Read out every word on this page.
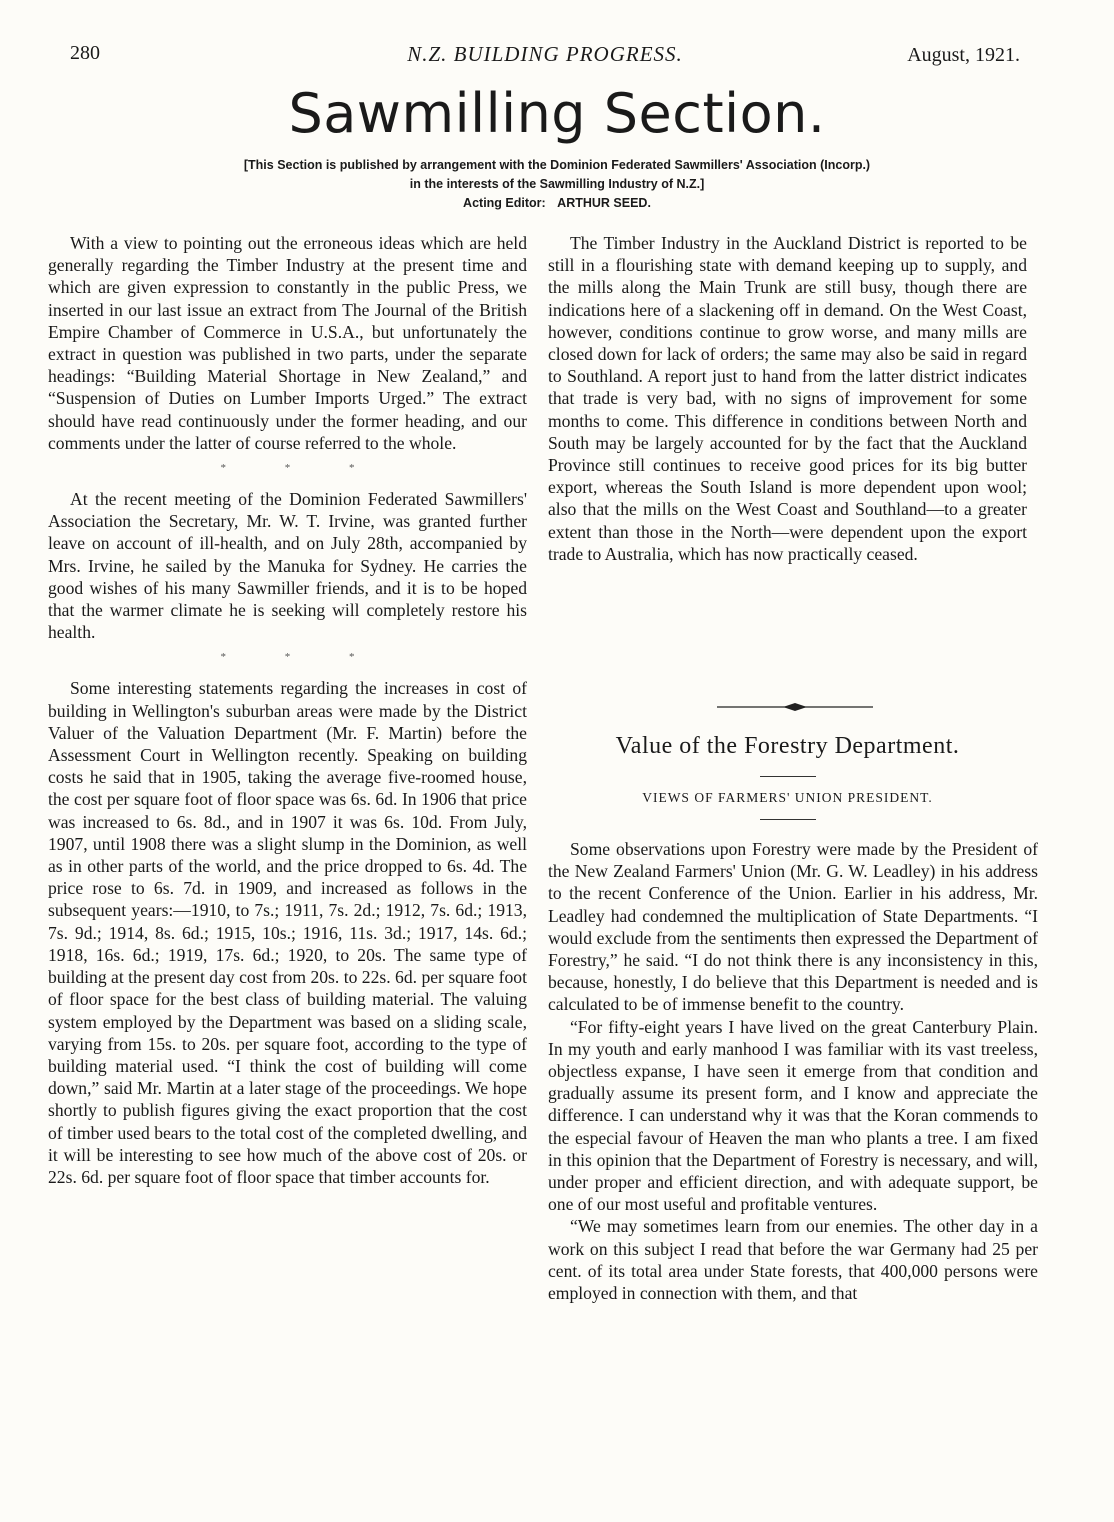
280	N.Z. BUILDING PROGRESS.	August, 1921.
Sawmilling Section.
[This Section is published by arrangement with the Dominion Federated Sawmillers' Association (Incorp.)
in the interests of the Sawmilling Industry of N.Z.]
Acting Editor: ARTHUR SEED.

With a view to pointing out the erroneous ideas which are held generally regarding the Timber Industry at the present time and which are given expression to constantly in the public Press, we inserted in our last issue an extract from The Journal of the British Empire Chamber of Commerce in U.S.A., but unfortunately the extract in question was published in two parts, under the separate headings: “Building Material Shortage in New Zealand,” and “Suspension of Duties on Lumber Imports Urged.” The extract should have read continuously under the former heading, and our comments under the latter of course referred to the whole.

* * *

At the recent meeting of the Dominion Federated Sawmillers' Association the Secretary, Mr. W. T. Irvine, was granted further leave on account of ill-health, and on July 28th, accompanied by Mrs. Irvine, he sailed by the Manuka for Sydney. He carries the good wishes of his many Sawmiller friends, and it is to be hoped that the warmer climate he is seeking will completely restore his health.

* * *

Some interesting statements regarding the increases in cost of building in Wellington's suburban areas were made by the District Valuer of the Valuation Department (Mr. F. Martin) before the Assessment Court in Wellington recently. Speaking on building costs he said that in 1905, taking the average five-roomed house, the cost per square foot of floor space was 6s. 6d. In 1906 that price was increased to 6s. 8d., and in 1907 it was 6s. 10d. From July, 1907, until 1908 there was a slight slump in the Dominion, as well as in other parts of the world, and the price dropped to 6s. 4d. The price rose to 6s. 7d. in 1909, and increased as follows in the subsequent years:—1910, to 7s.; 1911, 7s. 2d.; 1912, 7s. 6d.; 1913, 7s. 9d.; 1914, 8s. 6d.; 1915, 10s.; 1916, 11s. 3d.; 1917, 14s. 6d.; 1918, 16s. 6d.; 1919, 17s. 6d.; 1920, to 20s. The same type of building at the present day cost from 20s. to 22s. 6d. per square foot of floor space for the best class of building material. The valuing system employed by the Department was based on a sliding scale, varying from 15s. to 20s. per square foot, according to the type of building material used. “I think the cost of building will come down,” said Mr. Martin at a later stage of the proceedings. We hope shortly to publish figures giving the exact proportion that the cost of timber used bears to the total cost of the completed dwelling, and it will be interesting to see how much of the above cost of 20s. or 22s. 6d. per square foot of floor space that timber accounts for.

The Timber Industry in the Auckland District is reported to be still in a flourishing state with demand keeping up to supply, and the mills along the Main Trunk are still busy, though there are indications here of a slackening off in demand. On the West Coast, however, conditions continue to grow worse, and many mills are closed down for lack of orders; the same may also be said in regard to Southland. A report just to hand from the latter district indicates that trade is very bad, with no signs of improvement for some months to come. This difference in conditions between North and South may be largely accounted for by the fact that the Auckland Province still continues to receive good prices for its big butter export, whereas the South Island is more dependent upon wool; also that the mills on the West Coast and Southland—to a greater extent than those in the North—were dependent upon the export trade to Australia, which has now practically ceased.

Value of the Forestry Department.
VIEWS OF FARMERS' UNION PRESIDENT.

Some observations upon Forestry were made by the President of the New Zealand Farmers' Union (Mr. G. W. Leadley) in his address to the recent Conference of the Union. Earlier in his address, Mr. Leadley had condemned the multiplication of State Departments. “I would exclude from the sentiments then expressed the Department of Forestry,” he said. “I do not think there is any inconsistency in this, because, honestly, I do believe that this Department is needed and is calculated to be of immense benefit to the country.

“For fifty-eight years I have lived on the great Canterbury Plain. In my youth and early manhood I was familiar with its vast treeless, objectless expanse, I have seen it emerge from that condition and gradually assume its present form, and I know and appreciate the difference. I can understand why it was that the Koran commends to the especial favour of Heaven the man who plants a tree. I am fixed in this opinion that the Department of Forestry is necessary, and will, under proper and efficient direction, and with adequate support, be one of our most useful and profitable ventures.

“We may sometimes learn from our enemies. The other day in a work on this subject I read that before the war Germany had 25 per cent. of its total area under State forests, that 400,000 persons were employed in connection with them, and that
